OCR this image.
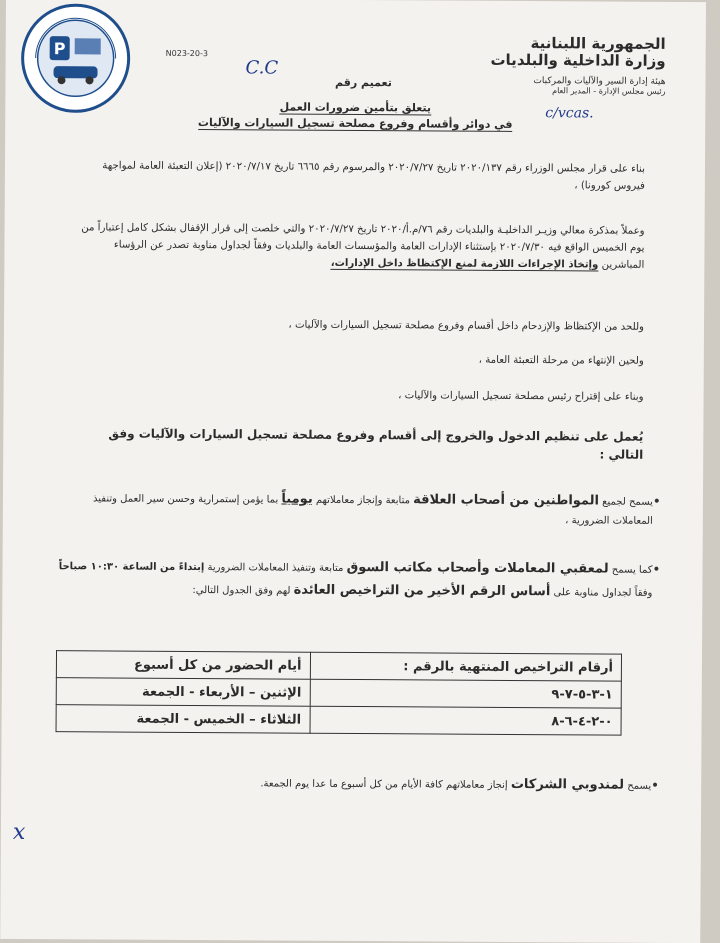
P	N023-20-3
الجمهورية اللبنانية
وزارة الداخلية والبلديات
هيئة إدارة السير والآليات والمركبات
رئيس مجلس الإدارة - المدير العام
C.C
c/vcas.
تعميم رقم
يتعلق بتأمين ضرورات العمل
في دوائر وأقسام وفروع مصلحة تسجيل السيارات والآليات
بناء على قرار مجلس الوزراء رقم ٢٠٢٠/١٣٧ تاريخ ٢٠٢٠/٧/٢٧ والمرسوم رقم ٦٦٦٥ تاريخ ٢٠٢٠/٧/١٧ (إعلان التعبئة العامة لمواجهة فيروس كورونا) ،
وعملاً بمذكرة معالي وزيـر الداخليـة والبلديات رقم ٧٦/م.أ/٢٠٢٠ تاريخ ٢٠٢٠/٧/٢٧ والتي خلصت إلى قرار الإقفال بشكل كامل إعتباراً من يوم الخميس الواقع فيه ٢٠٢٠/٧/٣٠ بإستثناء الإدارات العامة والمؤسسات العامة والبلديات وفقاً لجداول مناوبة تصدر عن الرؤساء المباشرين وإتخاذ الإجراءات اللازمة لمنع الإكتظاظ داخل الإدارات،
وللحد من الإكتظاظ والإزدحام داخل أقسام وفروع مصلحة تسجيل السيارات والآليات ،
ولحين الإنتهاء من مرحلة التعبئة العامة ،
وبناء على إقتراح رئيس مصلحة تسجيل السيارات والآليات ،
يُعمل على تنظيم الدخول والخروج إلى أقسام وفروع مصلحة تسجيل السيارات والآليات وفق التالي :
•
يسمح لجميع المواطنين من أصحاب العلاقة متابعة وإنجاز معاملاتهم يومياً بما يؤمن إستمرارية وحسن سير العمل وتنفيذ المعاملات الضرورية ،
•
كما يسمح لمعقبي المعاملات وأصحاب مكاتب السوق متابعة وتنفيذ المعاملات الضرورية إبتداءً من الساعة ١٠:٣٠ صباحاً وفقاً لجداول مناوبة على أساس الرقم الأخير من التراخيص العائدة لهم وفق الجدول التالي:
أرقام التراخيص المنتهية بالرقم :	أيام الحضور من كل أسبوع
١-٣-٥-٧-٩	الإثنين – الأربعاء - الجمعة
٠-٢-٤-٦-٨	الثلاثاء – الخميس - الجمعة
•
يسمح لمندوبي الشركات إنجاز معاملاتهم كافة الأيام من كل أسبوع ما عدا يوم الجمعة.
x
